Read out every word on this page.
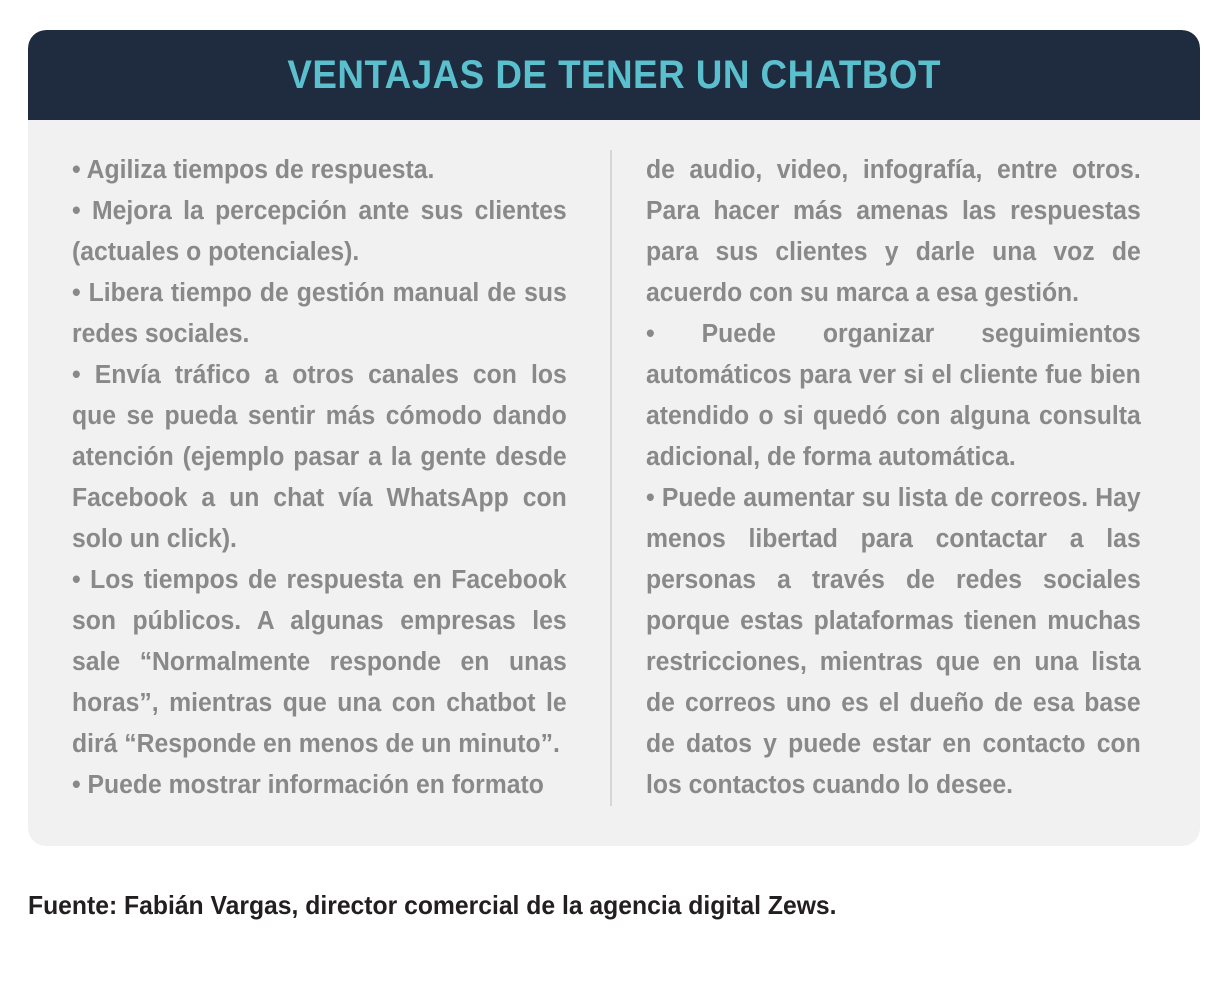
VENTAJAS DE TENER UN CHATBOT

• Agiliza tiempos de respuesta.

• Mejora la percepción ante sus clientes (actuales o potenciales).

• Libera tiempo de gestión manual de sus redes sociales.

• Envía tráfico a otros canales con los que se pueda sentir más cómodo dando atención (ejemplo pasar a la gente desde Facebook a un chat vía WhatsApp con solo un click).

• Los tiempos de respuesta en Facebook son públicos. A algunas empresas les sale “Normalmente responde en unas horas”, mientras que una con chatbot le dirá “Responde en menos de un minuto”.

• Puede mostrar información en formato

de audio, video, infografía, entre otros. Para hacer más amenas las respuestas para sus clientes y darle una voz de acuerdo con su marca a esa gestión.

• Puede organizar seguimientos automáticos para ver si el cliente fue bien atendido o si quedó con alguna consulta adicional, de forma automática.

• Puede aumentar su lista de correos. Hay menos libertad para contactar a las personas a través de redes sociales porque estas plataformas tienen muchas restricciones, mientras que en una lista de correos uno es el dueño de esa base de datos y puede estar en contacto con los contactos cuando lo desee.

Fuente: Fabián Vargas, director comercial de la agencia digital Zews.
